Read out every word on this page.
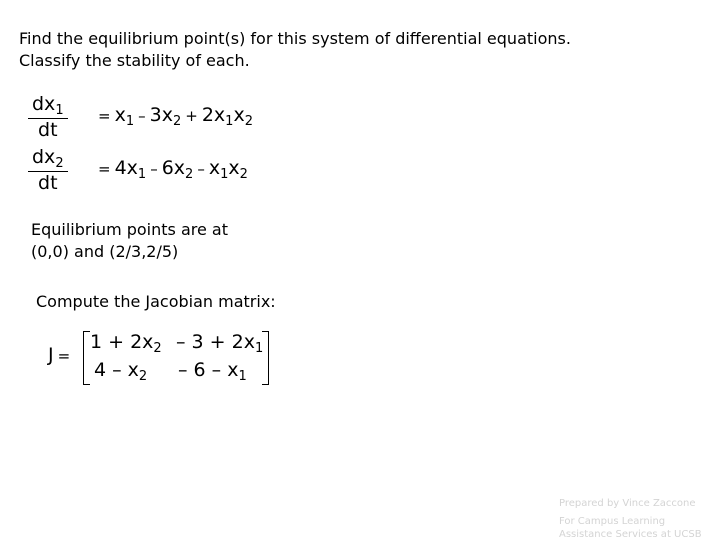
Find the equilibrium point(s) for this system of differential equations.
Classify the stability of each.
$dx_1$
dt
= $x_1 - 3x_2 + 2x_1x_2$
$dx_2$
dt
= $4x_1 - 6x_2 - x_1x_2$
Equilibrium points are at
(0,0) and (2/3,2/5)
Compute the Jacobian matrix:
J =
$1 + 2x_2 - 3 + 2x_1$
$4 - x_2 - 6 - x_1$
Prepared by Vince Zaccone
For Campus Learning
Assistance Services at UCSB
